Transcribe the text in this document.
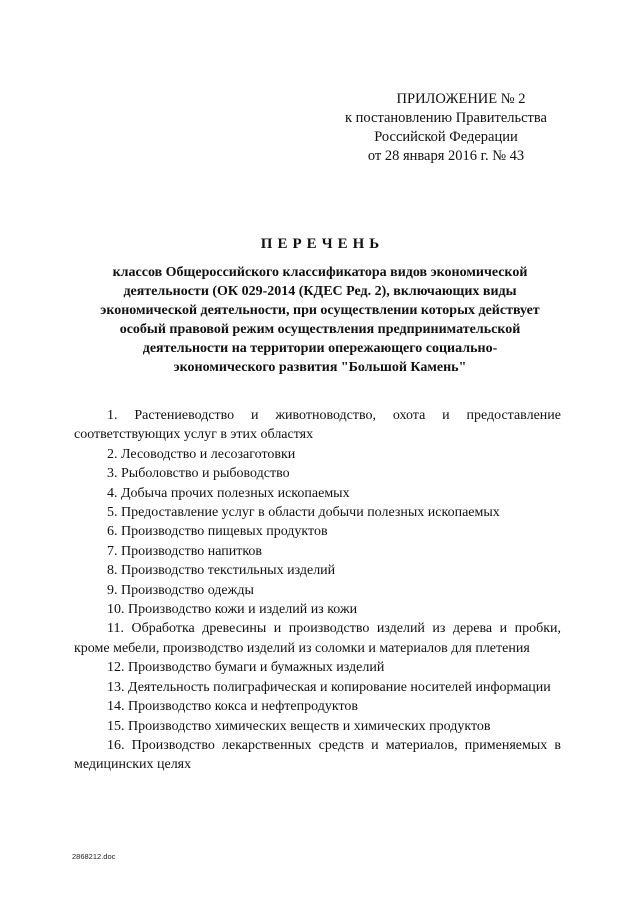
ПРИЛОЖЕНИЕ № 2
к постановлению Правительства
Российской Федерации
от 28 января 2016 г. № 43
ПЕРЕЧЕНЬ
классов Общероссийского классификатора видов экономической
деятельности (ОК 029-2014 (КДЕС Ред. 2), включающих виды
экономической деятельности, при осуществлении которых действует
особый правовой режим осуществления предпринимательской
деятельности на территории опережающего социально-
экономического развития "Большой Камень"
1. Растениеводство и животноводство, охота и предоставление соответствующих услуг в этих областях
2. Лесоводство и лесозаготовки
3. Рыболовство и рыбоводство
4. Добыча прочих полезных ископаемых
5. Предоставление услуг в области добычи полезных ископаемых
6. Производство пищевых продуктов
7. Производство напитков
8. Производство текстильных изделий
9. Производство одежды
10. Производство кожи и изделий из кожи
11. Обработка древесины и производство изделий из дерева и пробки, кроме мебели, производство изделий из соломки и материалов для плетения
12. Производство бумаги и бумажных изделий
13. Деятельность полиграфическая и копирование носителей информации
14. Производство кокса и нефтепродуктов
15. Производство химических веществ и химических продуктов
16. Производство лекарственных средств и материалов, применяемых в медицинских целях
2868212.doc
